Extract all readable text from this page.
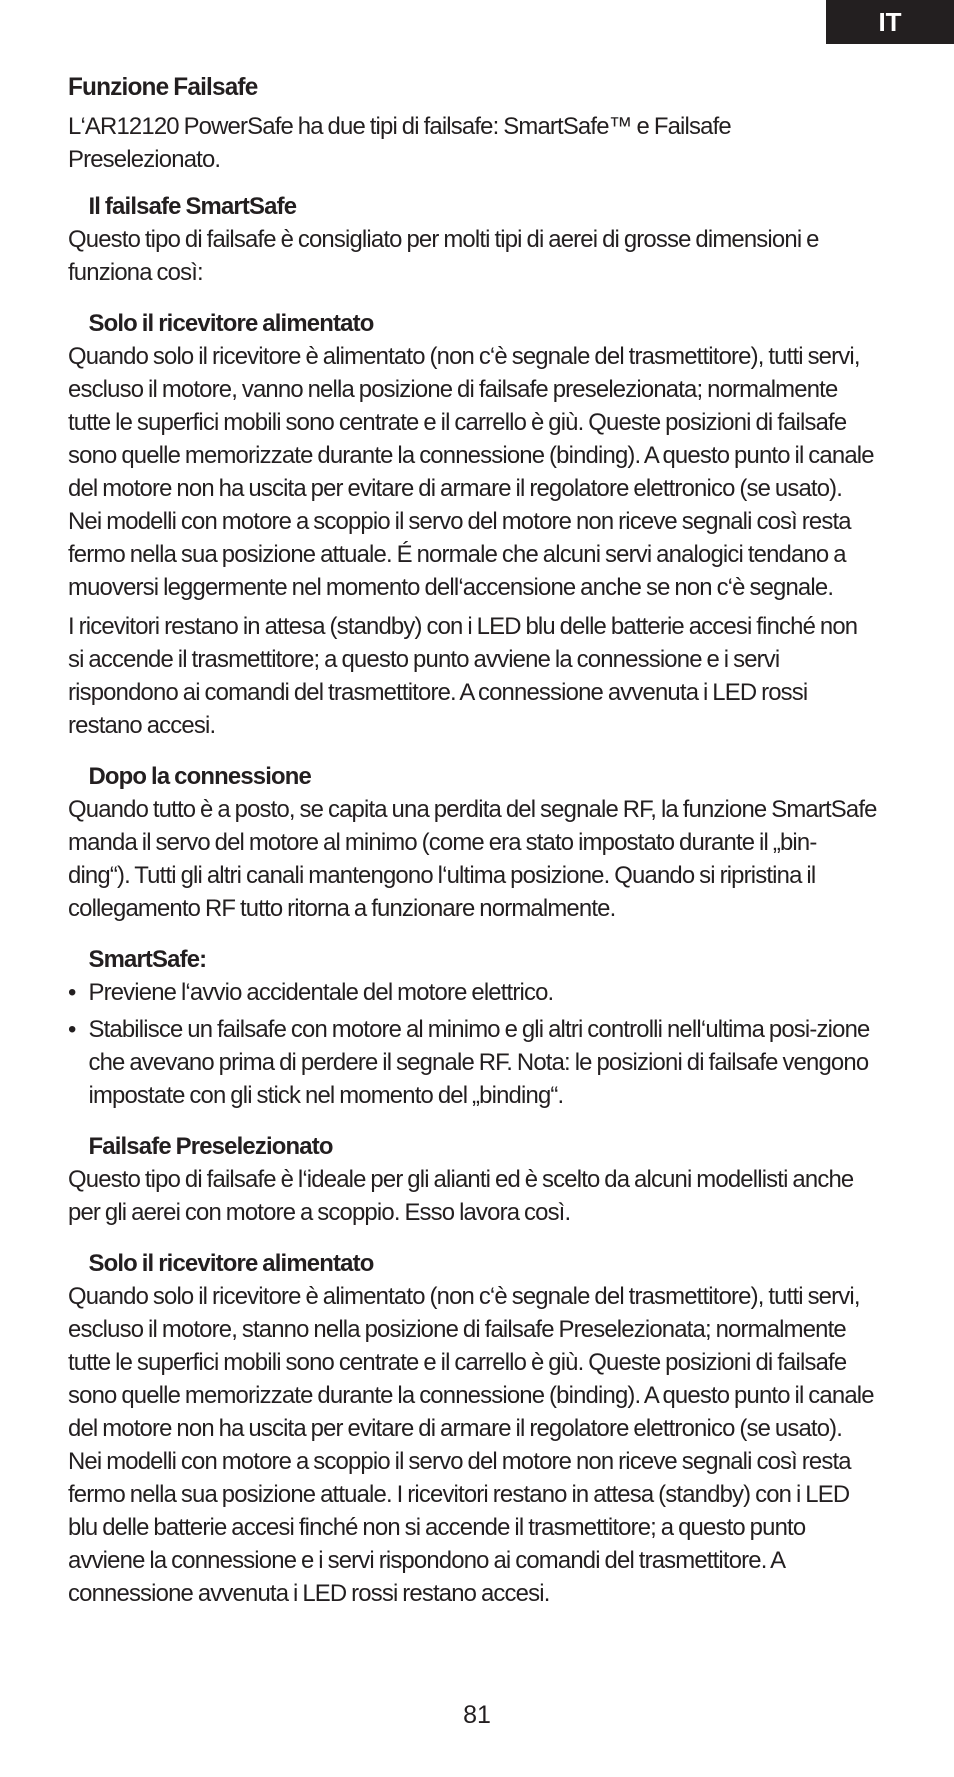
IT
Funzione Failsafe

L‘AR12120 PowerSafe ha due tipi di failsafe: SmartSafe™ e Failsafe Preselezionato.

Il failsafe SmartSafe

Questo tipo di failsafe è consigliato per molti tipi di aerei di grosse dimensioni e funziona così:

Solo il ricevitore alimentato

Quando solo il ricevitore è alimentato (non c‘è segnale del trasmettitore), tutti servi, escluso il motore, vanno nella posizione di failsafe preselezionata; normalmente tutte le superfici mobili sono centrate e il carrello è giù. Queste posizioni di failsafe sono quelle memorizzate durante la connessione (binding). A questo punto il canale del motore non ha uscita per evitare di armare il regolatore elettronico (se usato). Nei modelli con motore a scoppio il servo del motore non riceve segnali così resta fermo nella sua posizione attuale. É normale che alcuni servi analogici tendano a muoversi leggermente nel momento dell‘accensione anche se non c‘è segnale.

I ricevitori restano in attesa (standby) con i LED blu delle batterie accesi finché non si accende il trasmettitore; a questo punto avviene la connessione e i servi rispondono ai comandi del trasmettitore. A connessione avvenuta i LED rossi restano accesi.

Dopo la connessione

Quando tutto è a posto, se capita una perdita del segnale RF, la funzione SmartSafe manda il servo del motore al minimo (come era stato impostato durante il „bin-ding“). Tutti gli altri canali mantengono l‘ultima posizione. Quando si ripristina il collegamento RF tutto ritorna a funzionare normalmente.

SmartSafe:
• Previene l‘avvio accidentale del motore elettrico.
• Stabilisce un failsafe con motore al minimo e gli altri controlli nell‘ultima posi-zione che avevano prima di perdere il segnale RF. Nota: le posizioni di failsafe vengono impostate con gli stick nel momento del „binding“.
Failsafe Preselezionato

Questo tipo di failsafe è l‘ideale per gli alianti ed è scelto da alcuni modellisti anche per gli aerei con motore a scoppio. Esso lavora così.

Solo il ricevitore alimentato

Quando solo il ricevitore è alimentato (non c‘è segnale del trasmettitore), tutti servi, escluso il motore, stanno nella posizione di failsafe Preselezionata; normalmente tutte le superfici mobili sono centrate e il carrello è giù. Queste posizioni di failsafe sono quelle memorizzate durante la connessione (binding). A questo punto il canale del motore non ha uscita per evitare di armare il regolatore elettronico (se usato). Nei modelli con motore a scoppio il servo del motore non riceve segnali così resta fermo nella sua posizione attuale. I ricevitori restano in attesa (standby) con i LED blu delle batterie accesi finché non si accende il trasmettitore; a questo punto avviene la connessione e i servi rispondono ai comandi del trasmettitore. A connessione avvenuta i LED rossi restano accesi.

81
